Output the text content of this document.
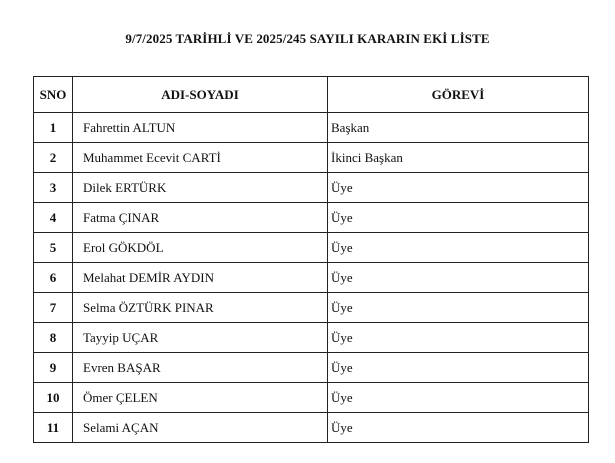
9/7/2025 TARİHLİ VE 2025/245 SAYILI KARARIN EKİ LİSTE
SNO	ADI-SOYADI	GÖREVİ
1	Fahrettin ALTUN	Başkan
2	Muhammet Ecevit CARTİ	İkinci Başkan
3	Dilek ERTÜRK	Üye
4	Fatma ÇINAR	Üye
5	Erol GÖKDÖL	Üye
6	Melahat DEMİR AYDIN	Üye
7	Selma ÖZTÜRK PINAR	Üye
8	Tayyip UÇAR	Üye
9	Evren BAŞAR	Üye
10	Ömer ÇELEN	Üye
11	Selami AÇAN	Üye
